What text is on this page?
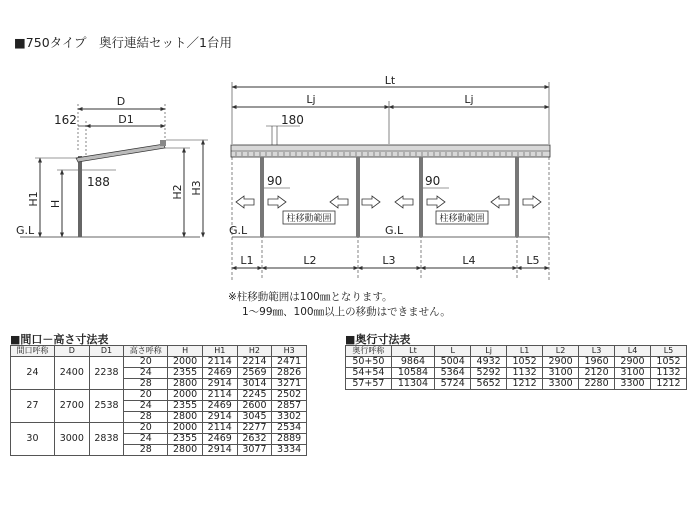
■750タイプ　奥行連結セット／1台用
D
D1
162
188
H1 H
H2 H3
G.L
Lt
Lj	Lj
180
90	90
柱移動範囲	柱移動範囲
G.L	G.L
L1	L2	L3	L4	L5
※柱移動範囲は100㎜となります。
1～99㎜、100㎜以上の移動はできません。
■間口－高さ寸法表
間口呼称	D	D1	高さ呼称	H	H1	H2	H3
24	2400	2238	20	2000	2114	2214	2471
			24	2355	2469	2569	2826
			28	2800	2914	3014	3271
27	2700	2538	20	2000	2114	2245	2502
			24	2355	2469	2600	2857
			28	2800	2914	3045	3302
30	3000	2838	20	2000	2114	2277	2534
			24	2355	2469	2632	2889
			28	2800	2914	3077	3334
■奥行寸法表
奥行呼称	Lt	L	Lj	L1	L2	L3	L4	L5
50+50	9864	5004	4932	1052	2900	1960	2900	1052
54+54	10584	5364	5292	1132	3100	2120	3100	1132
57+57	11304	5724	5652	1212	3300	2280	3300	1212
